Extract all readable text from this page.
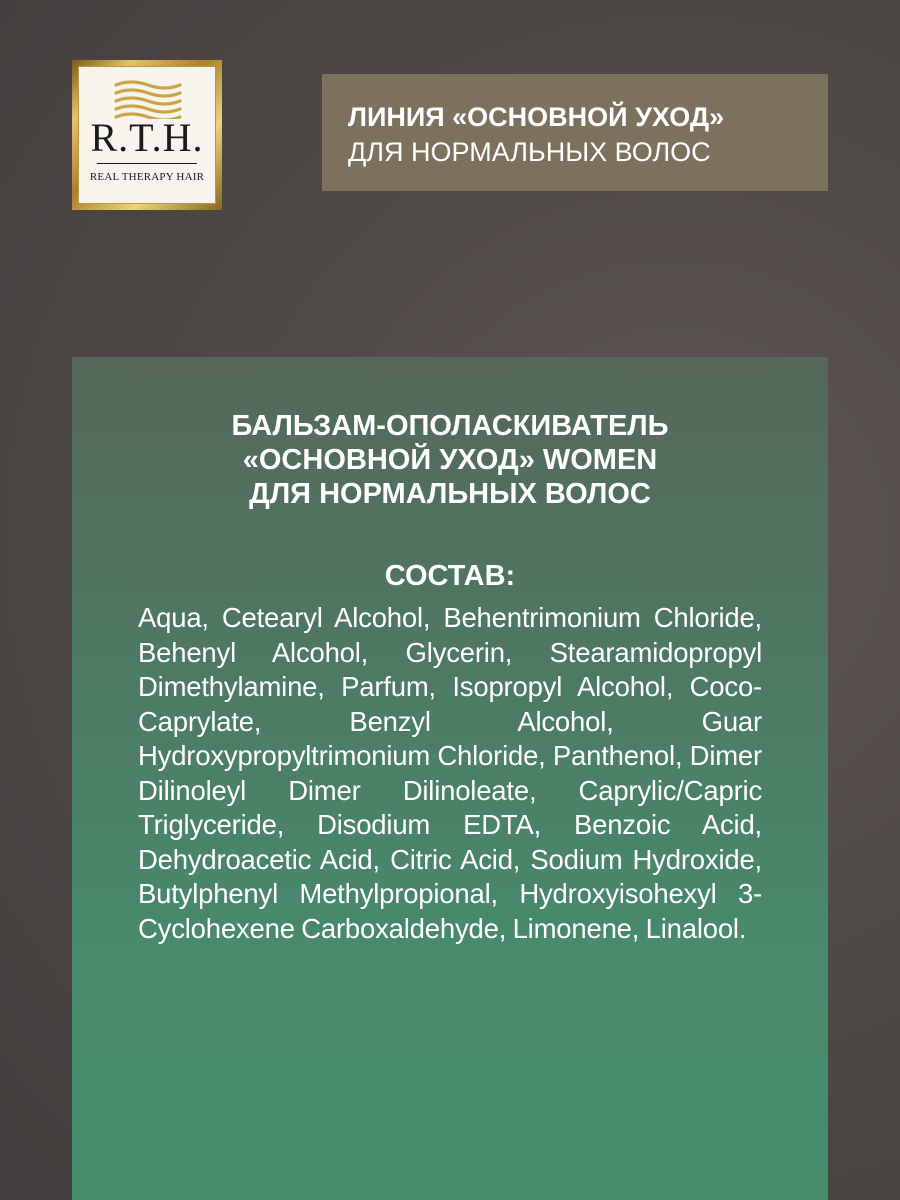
R.T.H.
REAL THERAPY HAIR
ЛИНИЯ «ОСНОВНОЙ УХОД»
ДЛЯ НОРМАЛЬНЫХ ВОЛОС
БАЛЬЗАМ-ОПОЛАСКИВАТЕЛЬ
«ОСНОВНОЙ УХОД» WOMEN
ДЛЯ НОРМАЛЬНЫХ ВОЛОС
СОСТАВ:
Aqua, Cetearyl Alcohol, Behentrimonium Chloride, Behenyl Alcohol, Glycerin, Stearamidopropyl Dimethylamine, Parfum, Isopropyl Alcohol, Coco-Caprylate, Benzyl Alcohol, Guar Hydroxypropyltrimonium Chloride, Panthenol, Dimer Dilinoleyl Dimer Dilinoleate, Caprylic/Capric Triglyceride, Disodium EDTA, Benzoic Acid, Dehydroacetic Acid, Citric Acid, Sodium Hydroxide, Butylphenyl Methylpropional, Hydroxyisohexyl 3-Cyclohexene Carboxaldehyde, Limonene, Linalool.
